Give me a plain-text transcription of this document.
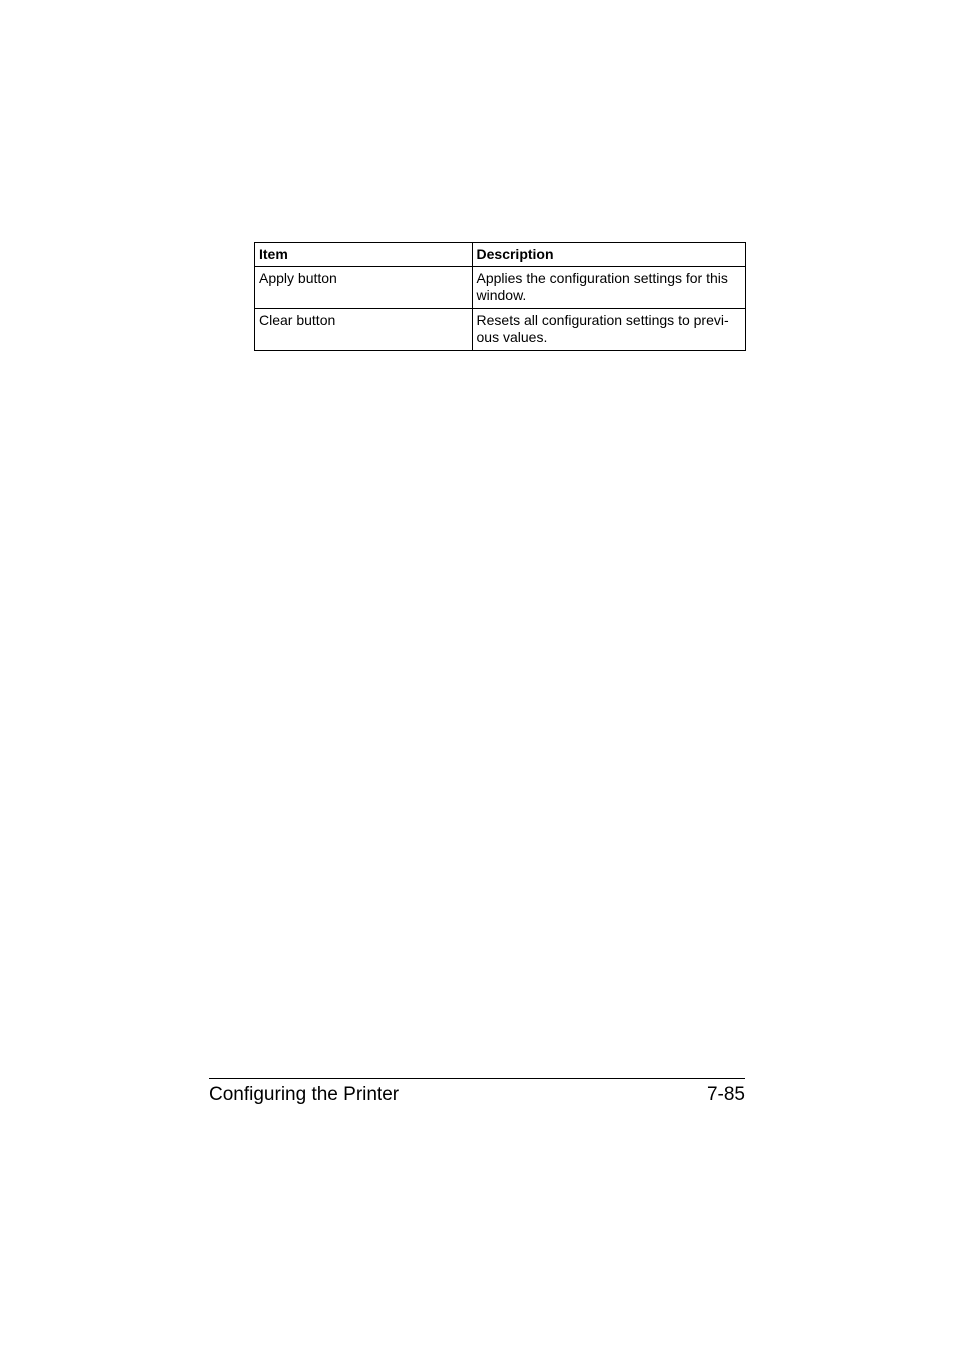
Item	Description
Apply button	Applies the configuration settings for this
window.
Clear button	Resets all configuration settings to previ-
ous values.
Configuring the Printer	7-85
